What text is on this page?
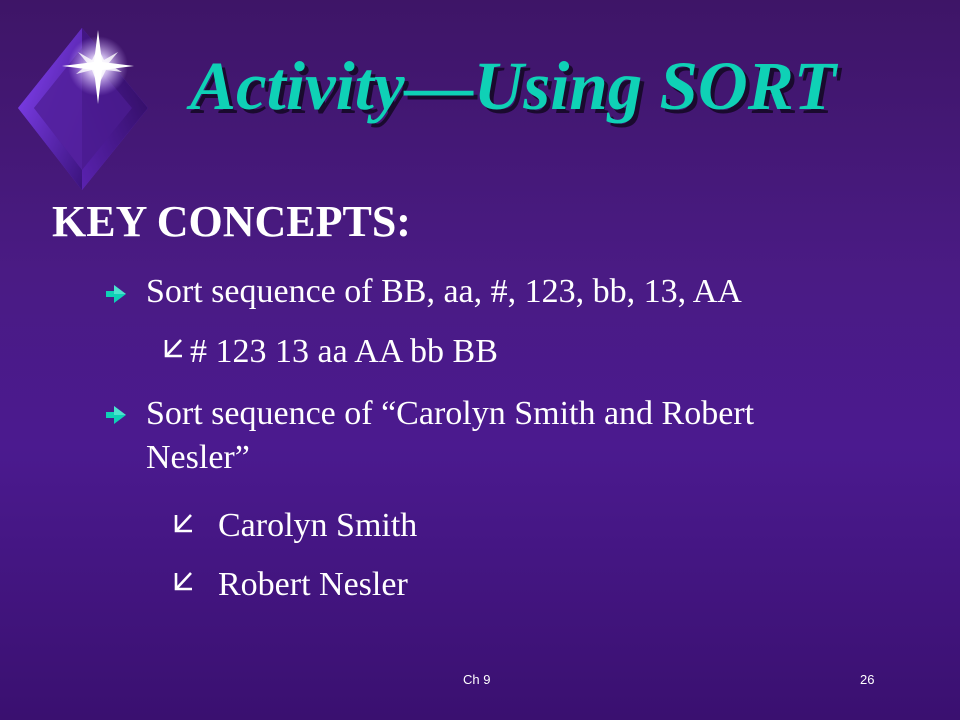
Activity—Using SORT
KEY CONCEPTS:
Sort sequence of BB, aa, #, 123, bb, 13, AA
# 123 13 aa AA bb BB
Sort sequence of “Carolyn Smith and Robert
Nesler”
Carolyn Smith
Robert Nesler
Ch 9	26
